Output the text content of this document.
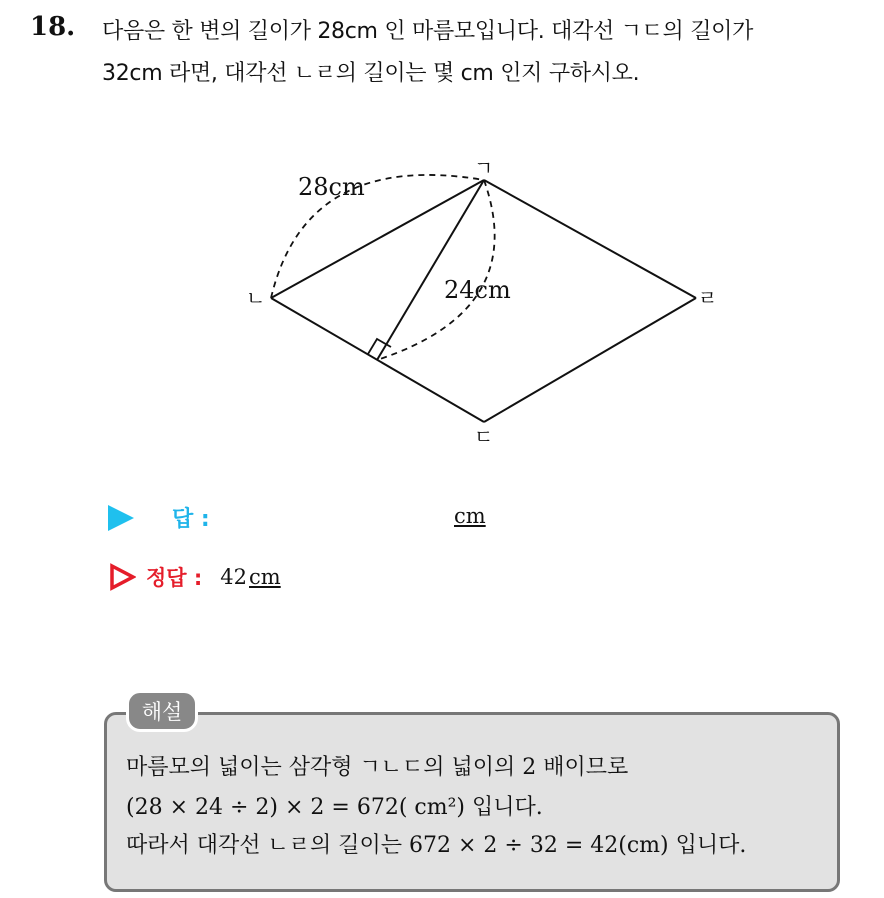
18. 다음은 한 변의 길이가 28cm 인 마름모입니다. 대각선 ㄱㄷ의 길이가
32cm 라면, 대각선 ㄴㄹ의 길이는 몇 cm 인지 구하시오.
28cm
24cm
ㄱ
ㄴ
ㄷ
ㄹ
답 :	cm
정답 : 42 cm
해설
마름모의 넓이는 삼각형 ㄱㄴㄷ의 넓이의 2 배이므로
(28 × 24 ÷ 2) × 2 = 672( cm²) 입니다.
따라서 대각선 ㄴㄹ의 길이는 672 × 2 ÷ 32 = 42(cm) 입니다.
